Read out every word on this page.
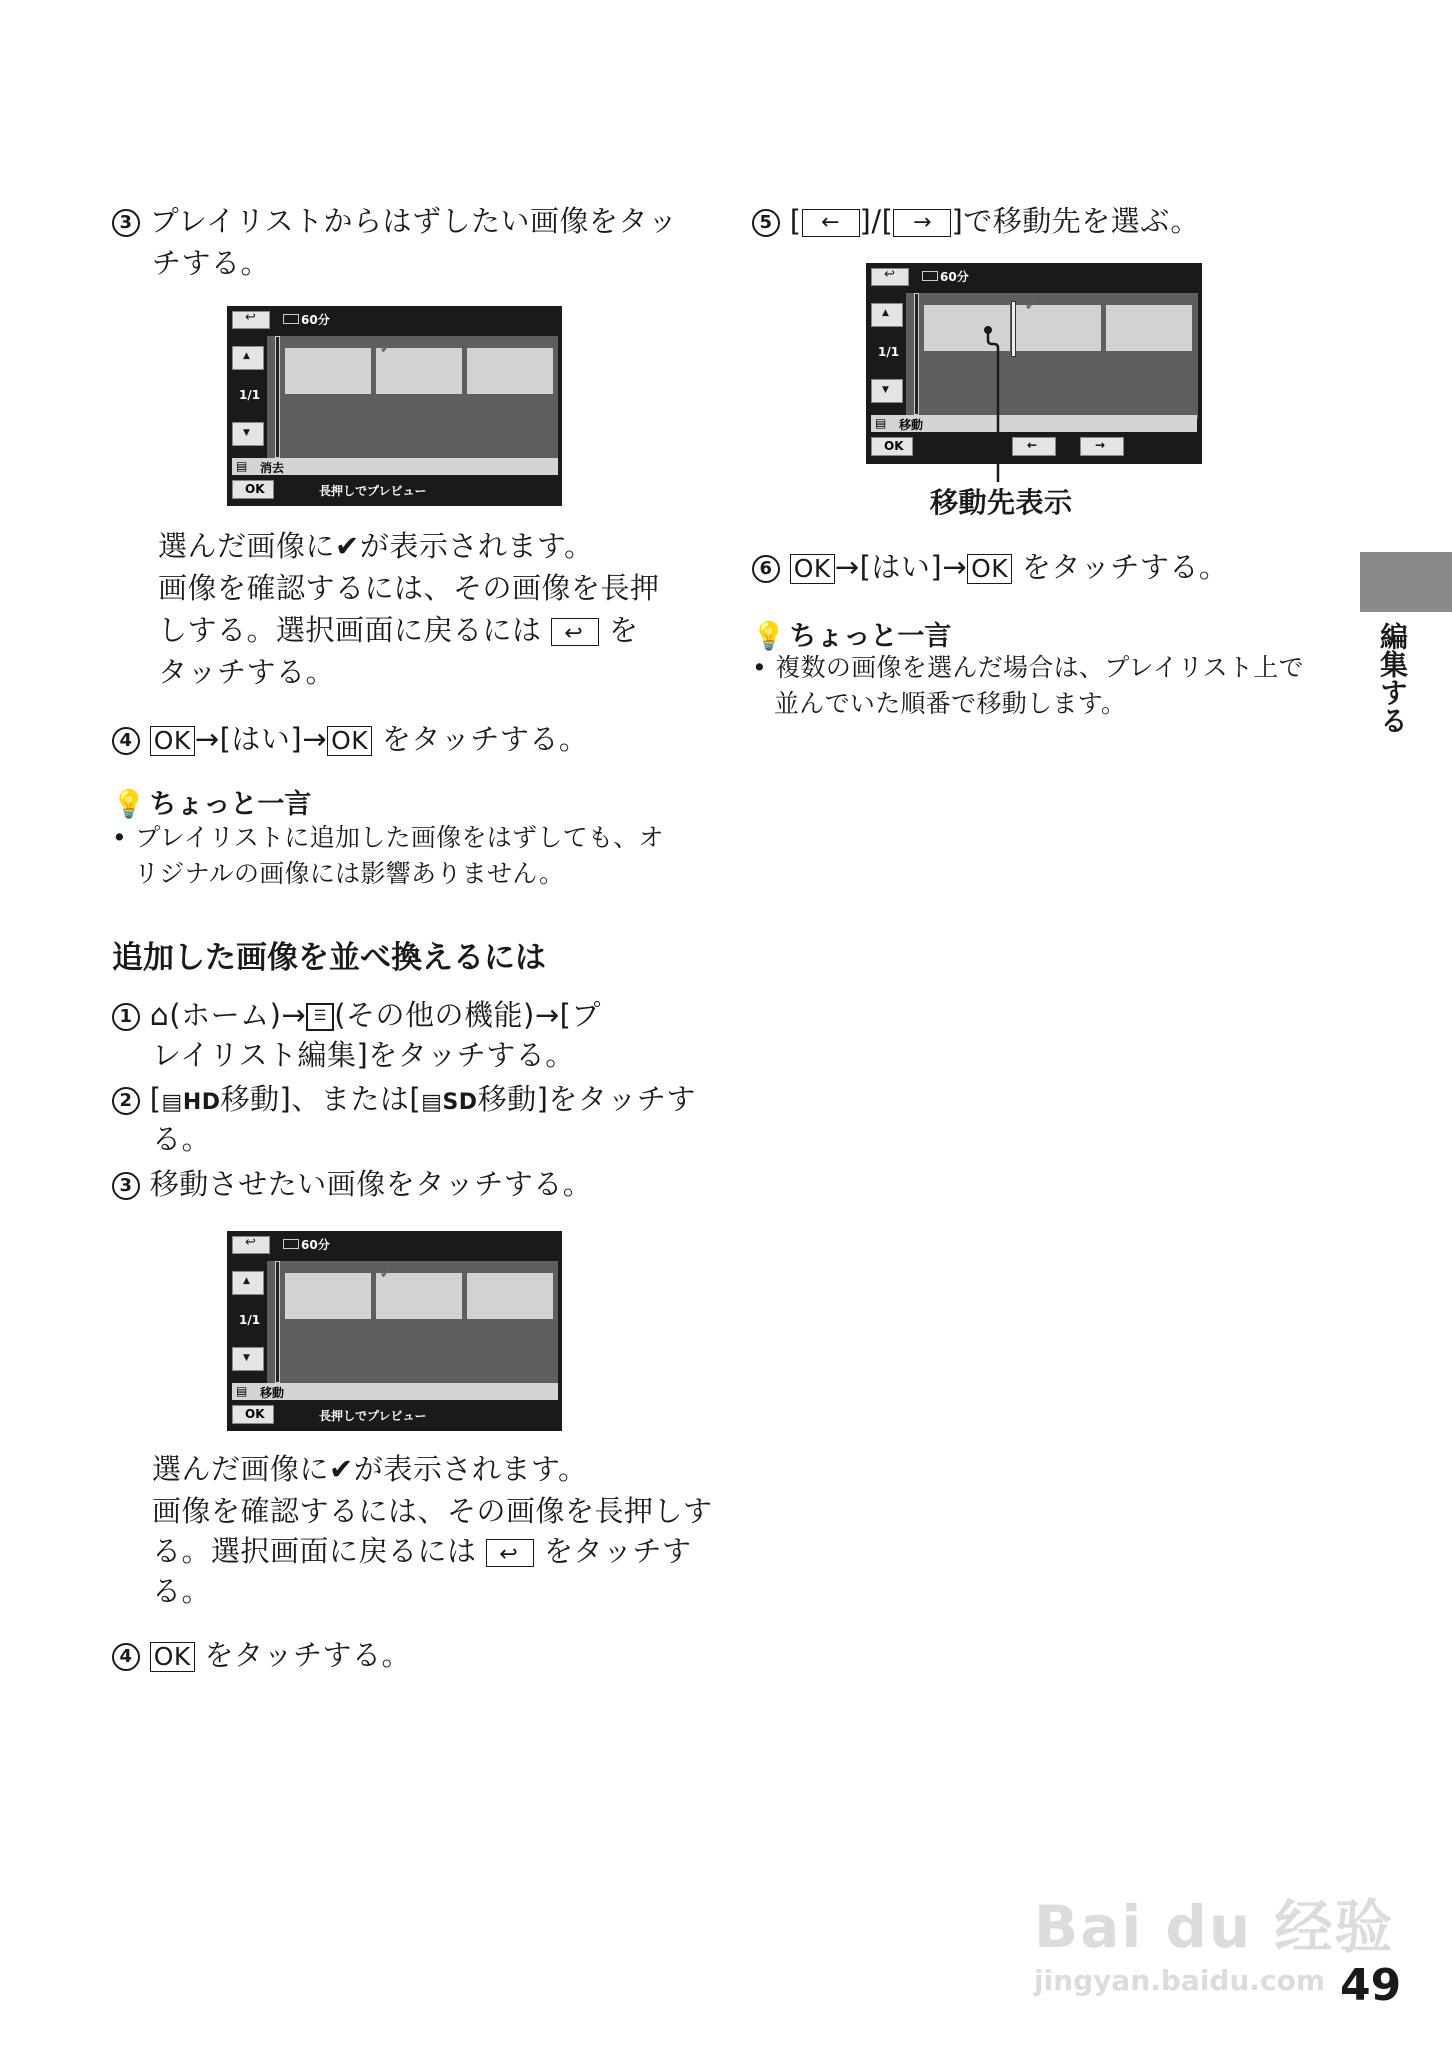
3 プレイリストからはずしたい画像をタッ
チする。
↩	60分
▲
1/1
▼
✔
▤ 消去
OK	長押しでプレビュー
選んだ画像に✔が表示されます。
画像を確認するには、その画像を長押
しする。選択画面に戻るには ↩ を
タッチする。
4 OK →[はい]→ OK をタッチする。
💡 ちょっと一言
• プレイリストに追加した画像をはずしても、オ
リジナルの画像には影響ありません。
追加した画像を並べ換えるには
1 ⌂(ホーム)→ ☰ (その他の機能)→[プ
レイリスト編集]をタッチする。
2 [▤HD移動]、または[▤SD移動]をタッチす
る。
3 移動させたい画像をタッチする。
↩	60分
▲
1/1
▼
✔
▤ 移動
OK	長押しでプレビュー
選んだ画像に✔が表示されます。
画像を確認するには、その画像を長押しす
る。選択画面に戻るには ↩ をタッチす
る。
4 OK をタッチする。
5 [ ← ]/[ → ]で移動先を選ぶ。
↩	60分
▲
1/1
▼
✔
▤ 移動
OK	←	→
移動先表示
6 OK →[はい]→ OK をタッチする。
💡 ちょっと一言
• 複数の画像を選んだ場合は、プレイリスト上で
並んでいた順番で移動します。	編集する
Bai du 经验
jingyan.baidu.com 49
